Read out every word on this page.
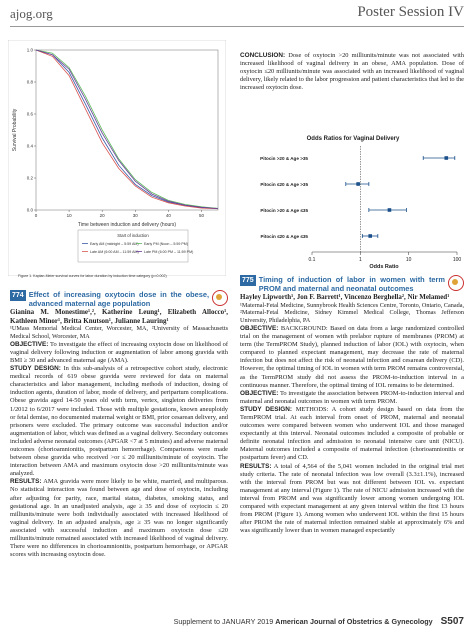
ajog.org	Poster Session IV
Survival Probability
Time between induction and delivery (hours)
1.0
0.8
0.6
0.4
0.2
0.0
0	10	20	30	40	50
Start of induction
Early AM (midnight – 5:59 AM)
Late AM (6:00 AM – 11:59 AM)
Early PM (Noon – 5:59 PM)
Late PM (6:00 PM – 11:59 PM)
Figure 1. Kaplan-Meier survival curves for labor duration by induction time category (p=0.002)

CONCLUSION: Dose of oxytocin >20 milliunits/minute was not associated with increased likelihood of vaginal delivery in an obese, AMA population. Dose of oxytocin ≤20 milliunits/minute was associated with an increased likelihood of vaginal delivery, likely related to the labor progression and patient characteristics that led to the increased oxytocin dose.

Odds Ratios for Vaginal Delivery
0.1	1	10	100
Pitocin >20 & Age >35
Pitocin ≤20 & Age >35
Pitocin >20 & Age ≤35
Pitocin ≤20 & Age ≤35
Odds Ratio
774 Effect of increasing oxytocin dose in the obese, advanced maternal age population
Gianina M. Monestime¹,², Katherine Leung¹, Elizabeth Allocco¹, Kathleen Minor¹, Britta Knutson¹, Julianne Lauring¹
¹UMass Memorial Medical Center, Worcester, MA, ²University of Massachusetts Medical School, Worcester, MA

OBJECTIVE: To investigate the effect of increasing oxytocin dose on likelihood of vaginal delivery following induction or augmentation of labor among gravida with BMI ≥ 30 and advanced maternal age (AMA).

STUDY DESIGN: In this sub-analysis of a retrospective cohort study, electronic medical records of 619 obese gravida were reviewed for data on maternal characteristics and labor management, including methods of induction, dosing of induction agents, duration of labor, mode of delivery, and peripartum complications. Obese gravida aged 14-50 years old with term, vertex, singleton deliveries from 1/2012 to 6/2017 were included. Those with multiple gestations, known aneuploidy or fetal demise, no documented maternal weight or BMI, prior cesarean delivery, and prisoners were excluded. The primary outcome was successful induction and/or augmentation of labor, which was defined as a vaginal delivery. Secondary outcomes included adverse neonatal outcomes (APGAR <7 at 5 minutes) and adverse maternal outcomes (chorioamnionitis, postpartum hemorrhage). Comparisons were made between obese gravida who received >or ≤ 20 milliunits/minute of oxytocin. The interaction between AMA and maximum oxytocin dose >20 milliunits/minute was analyzed.

RESULTS: AMA gravida were more likely to be white, married, and multiparous. No statistical interaction was found between age and dose of oxytocin, including after adjusting for parity, race, marital status, diabetes, smoking status, and gestational age. In an unadjusted analysis, age ≥ 35 and dose of oxytocin ≤ 20 milliunits/minute were both individually associated with increased likelihood of vaginal delivery. In an adjusted analysis, age ≥ 35 was no longer significantly associated with successful induction and maximum oxytocin dose ≤20 milliunits/minute remained associated with increased likelihood of vaginal delivery. There were no differences in chorioamnionitis, postpartum hemorrhage, or APGAR scores with increasing oxytocin dose.

775 Timing of induction of labor in women with term PROM and maternal and neonatal outcomes
Hayley Lipworth¹, Jon F. Barrett¹, Vincenzo Berghella², Nir Melamed¹
¹Maternal-Fetal Medicine, Sunnybrook Health Sciences Centre, Toronto, Ontario, Canada, ²Maternal-Fetal Medicine, Sidney Kimmel Medical College, Thomas Jefferson University, Philadelphia, PA

OBJECTIVE: BACKGROUND: Based on data from a large randomized controlled trial on the management of women with prelabor rupture of membranes (PROM) at term (the TermPROM Study), planned induction of labor (IOL) with oxytocin, when compared to planned expectant management, may decrease the rate of maternal infection but does not affect the risk of neonatal infection and cesarean delivery (CD). However, the optimal timing of IOL in women with term PROM remains controversial, as the TermPROM study did not assess the PROM-to-induction interval in a continuous manner. Therefore, the optimal timing of IOL remains to be determined.

OBJECTIVE: To investigate the association between PROM-to-induction interval and maternal and neonatal outcomes in women with term PROM.

STUDY DESIGN: METHODS: A cohort study design based on data from the TermPROM trial. At each interval from onset of PROM, maternal and neonatal outcomes were compared between women who underwent IOL and those managed expectantly at this interval. Neonatal outcomes included a composite of probable or definite neonatal infection and admission to neonatal intensive care unit (NICU). Maternal outcomes included a composite of maternal infection (chorioamnionitis or postpartum fever) and CD.

RESULTS: A total of 4,564 of the 5,041 women included in the original trial met study criteria. The rate of neonatal infection was low overall (3.3±1.1%), increased with the interval from PROM but was not different between IOL vs. expectant management at any interval (Figure 1). The rate of NICU admission increased with the interval from PROM and was significantly lower among women undergoing IOL compared with expectant management at any given interval within the first 13 hours from PROM (Figure 1). Among women who underwent IOL within the first 15 hours after PROM the rate of maternal infection remained stable at approximately 6% and was significantly lower than in women managed expectantly

Supplement to JANUARY 2019 American Journal of Obstetrics & Gynecology S507
